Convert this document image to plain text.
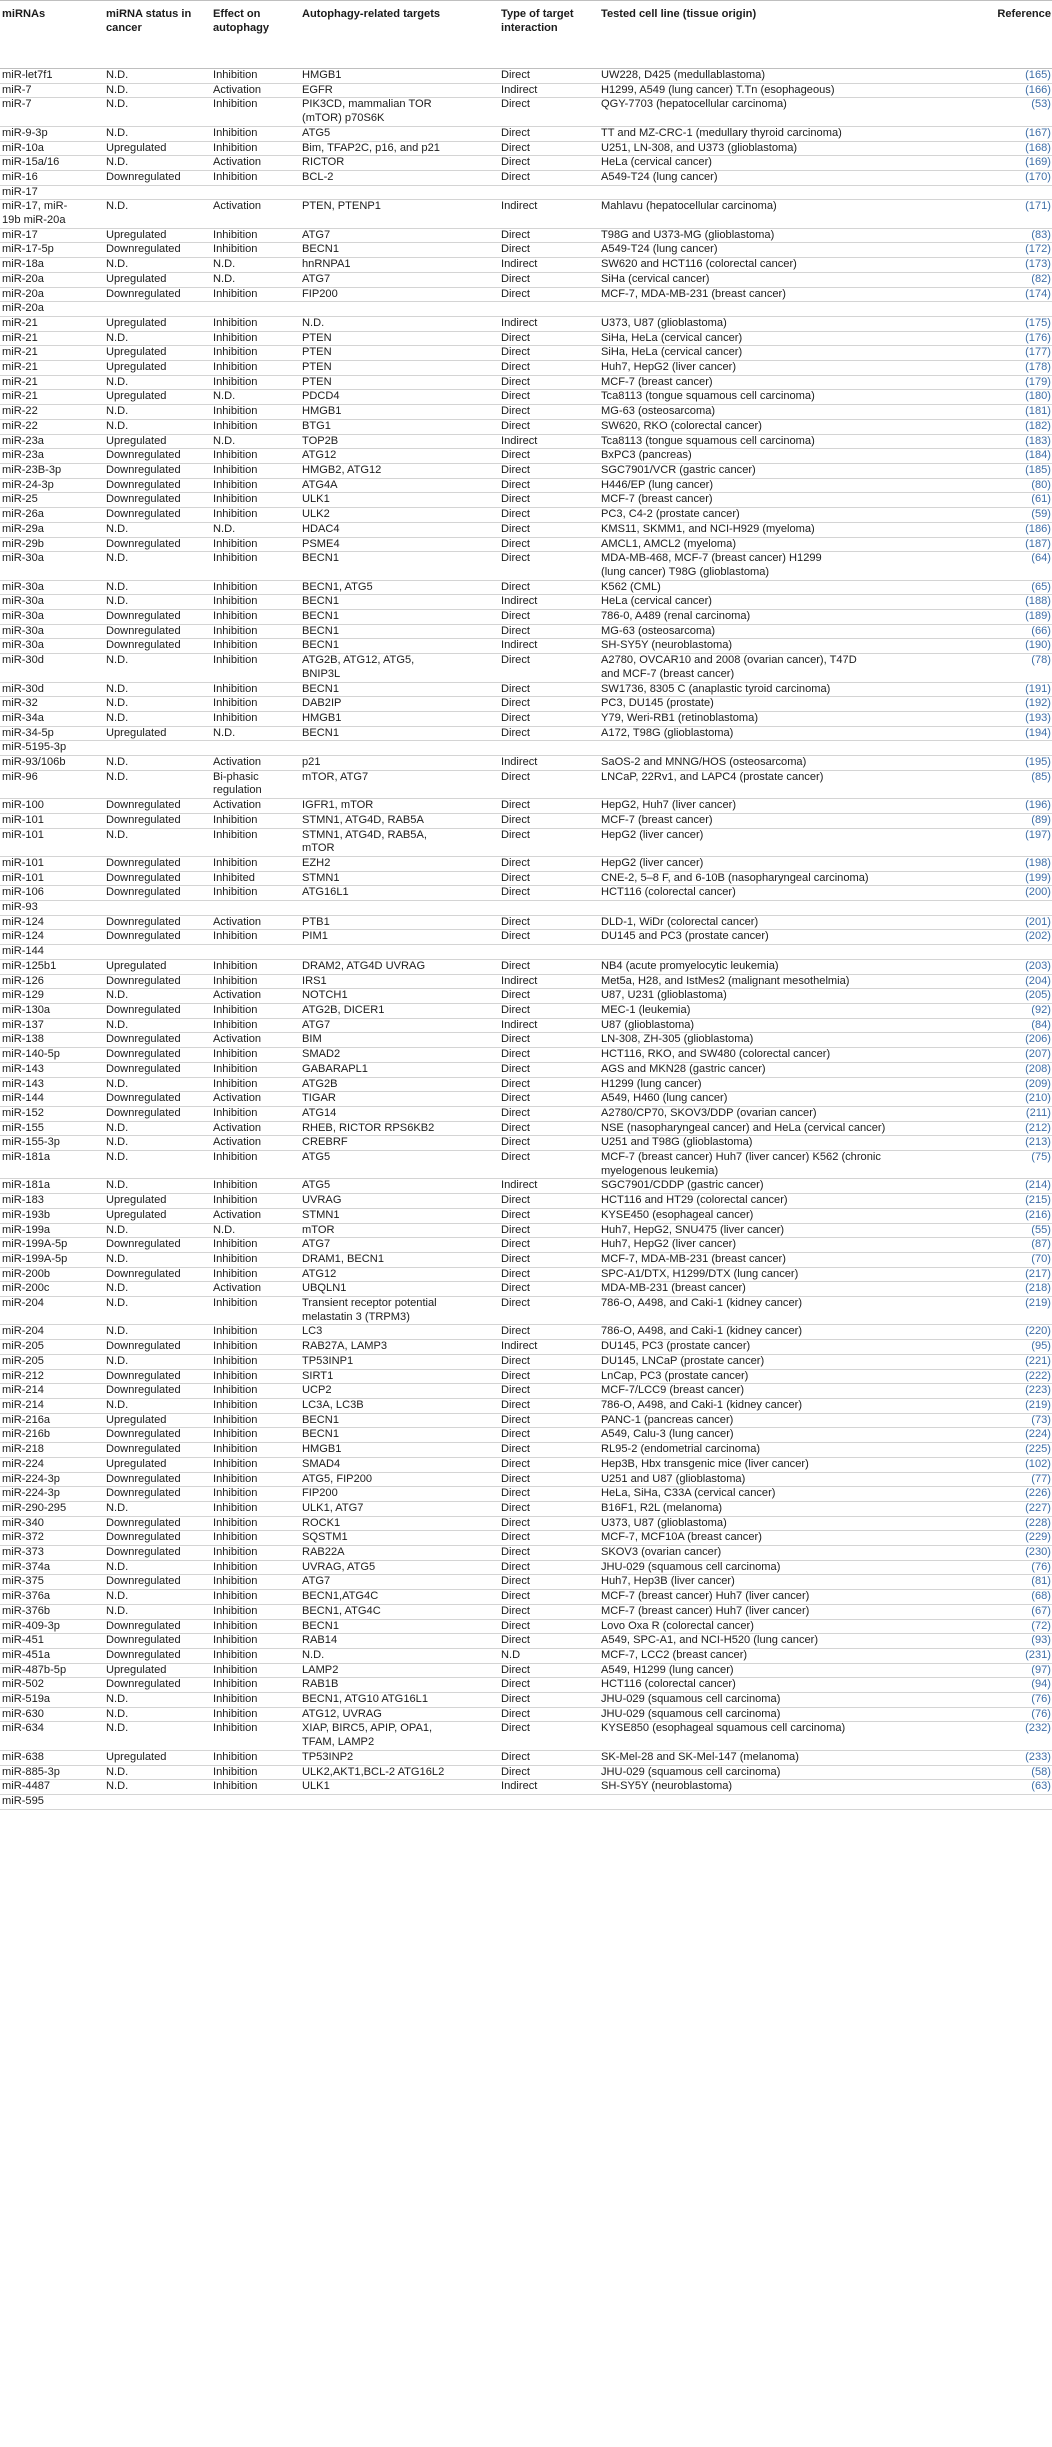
miRNAs	miRNA status in cancer	Effect on autophagy	Autophagy-related targets	Type of target interaction	Tested cell line (tissue origin)	Reference
miR-let7f1	N.D.	Inhibition	HMGB1	Direct	UW228, D425 (medullablastoma)	(165)
miR-7	N.D.	Activation	EGFR	Indirect	H1299, A549 (lung cancer) T.Tn (esophageous)	(166)
miR-7	N.D.	Inhibition	PIK3CD, mammalian TOR
(mTOR) p70S6K	Direct	QGY-7703 (hepatocellular carcinoma)	(53)
miR-9-3p	N.D.	Inhibition	ATG5	Direct	TT and MZ-CRC-1 (medullary thyroid carcinoma)	(167)
miR-10a	Upregulated	Inhibition	Bim, TFAP2C, p16, and p21	Direct	U251, LN-308, and U373 (glioblastoma)	(168)
miR-15a/16	N.D.	Activation	RICTOR	Direct	HeLa (cervical cancer)	(169)
miR-16	Downregulated	Inhibition	BCL-2	Direct	A549-T24 (lung cancer)	(170)
miR-17						
miR-17, miR-
19b miR-20a	N.D.	Activation	PTEN, PTENP1	Indirect	Mahlavu (hepatocellular carcinoma)	(171)
miR-17	Upregulated	Inhibition	ATG7	Direct	T98G and U373-MG (glioblastoma)	(83)
miR-17-5p	Downregulated	Inhibition	BECN1	Direct	A549-T24 (lung cancer)	(172)
miR-18a	N.D.	N.D.	hnRNPA1	Indirect	SW620 and HCT116 (colorectal cancer)	(173)
miR-20a	Upregulated	N.D.	ATG7	Direct	SiHa (cervical cancer)	(82)
miR-20a	Downregulated	Inhibition	FIP200	Direct	MCF-7, MDA-MB-231 (breast cancer)	(174)
miR-20a						
miR-21	Upregulated	Inhibition	N.D.	Indirect	U373, U87 (glioblastoma)	(175)
miR-21	N.D.	Inhibition	PTEN	Direct	SiHa, HeLa (cervical cancer)	(176)
miR-21	Upregulated	Inhibition	PTEN	Direct	SiHa, HeLa (cervical cancer)	(177)
miR-21	Upregulated	Inhibition	PTEN	Direct	Huh7, HepG2 (liver cancer)	(178)
miR-21	N.D.	Inhibition	PTEN	Direct	MCF-7 (breast cancer)	(179)
miR-21	Upregulated	N.D.	PDCD4	Direct	Tca8113 (tongue squamous cell carcinoma)	(180)
miR-22	N.D.	Inhibition	HMGB1	Direct	MG-63 (osteosarcoma)	(181)
miR-22	N.D.	Inhibition	BTG1	Direct	SW620, RKO (colorectal cancer)	(182)
miR-23a	Upregulated	N.D.	TOP2B	Indirect	Tca8113 (tongue squamous cell carcinoma)	(183)
miR-23a	Downregulated	Inhibition	ATG12	Direct	BxPC3 (pancreas)	(184)
miR-23B-3p	Downregulated	Inhibition	HMGB2, ATG12	Direct	SGC7901/VCR (gastric cancer)	(185)
miR-24-3p	Downregulated	Inhibition	ATG4A	Direct	H446/EP (lung cancer)	(80)
miR-25	Downregulated	Inhibition	ULK1	Direct	MCF-7 (breast cancer)	(61)
miR-26a	Downregulated	Inhibition	ULK2	Direct	PC3, C4-2 (prostate cancer)	(59)
miR-29a	N.D.	N.D.	HDAC4	Direct	KMS11, SKMM1, and NCI-H929 (myeloma)	(186)
miR-29b	Downregulated	Inhibition	PSME4	Direct	AMCL1, AMCL2 (myeloma)	(187)
miR-30a	N.D.	Inhibition	BECN1	Direct	MDA-MB-468, MCF-7 (breast cancer) H1299
(lung cancer) T98G (glioblastoma)	(64)
miR-30a	N.D.	Inhibition	BECN1, ATG5	Direct	K562 (CML)	(65)
miR-30a	N.D.	Inhibition	BECN1	Indirect	HeLa (cervical cancer)	(188)
miR-30a	Downregulated	Inhibition	BECN1	Direct	786-0, A489 (renal carcinoma)	(189)
miR-30a	Downregulated	Inhibition	BECN1	Direct	MG-63 (osteosarcoma)	(66)
miR-30a	Downregulated	Inhibition	BECN1	Indirect	SH-SY5Y (neuroblastoma)	(190)
miR-30d	N.D.	Inhibition	ATG2B, ATG12, ATG5,
BNIP3L	Direct	A2780, OVCAR10 and 2008 (ovarian cancer), T47D
and MCF-7 (breast cancer)	(78)
miR-30d	N.D.	Inhibition	BECN1	Direct	SW1736, 8305 C (anaplastic tyroid carcinoma)	(191)
miR-32	N.D.	Inhibition	DAB2IP	Direct	PC3, DU145 (prostate)	(192)
miR-34a	N.D.	Inhibition	HMGB1	Direct	Y79, Weri-RB1 (retinoblastoma)	(193)
miR-34-5p	Upregulated	N.D.	BECN1	Direct	A172, T98G (glioblastoma)	(194)
miR-5195-3p						
miR-93/106b	N.D.	Activation	p21	Indirect	SaOS-2 and MNNG/HOS (osteosarcoma)	(195)
miR-96	N.D.	Bi-phasic
regulation	mTOR, ATG7	Direct	LNCaP, 22Rv1, and LAPC4 (prostate cancer)	(85)
miR-100	Downregulated	Activation	IGFR1, mTOR	Direct	HepG2, Huh7 (liver cancer)	(196)
miR-101	Downregulated	Inhibition	STMN1, ATG4D, RAB5A	Direct	MCF-7 (breast cancer)	(89)
miR-101	N.D.	Inhibition	STMN1, ATG4D, RAB5A,
mTOR	Direct	HepG2 (liver cancer)	(197)
miR-101	Downregulated	Inhibition	EZH2	Direct	HepG2 (liver cancer)	(198)
miR-101	Downregulated	Inhibited	STMN1	Direct	CNE-2, 5–8 F, and 6-10B (nasopharyngeal carcinoma)	(199)
miR-106	Downregulated	Inhibition	ATG16L1	Direct	HCT116 (colorectal cancer)	(200)
miR-93						
miR-124	Downregulated	Activation	PTB1	Direct	DLD-1, WiDr (colorectal cancer)	(201)
miR-124	Downregulated	Inhibition	PIM1	Direct	DU145 and PC3 (prostate cancer)	(202)
miR-144						
miR-125b1	Upregulated	Inhibition	DRAM2, ATG4D UVRAG	Direct	NB4 (acute promyelocytic leukemia)	(203)
miR-126	Downregulated	Inhibition	IRS1	Indirect	Met5a, H28, and IstMes2 (malignant mesothelmia)	(204)
miR-129	N.D.	Activation	NOTCH1	Direct	U87, U231 (glioblastoma)	(205)
miR-130a	Downregulated	Inhibition	ATG2B, DICER1	Direct	MEC-1 (leukemia)	(92)
miR-137	N.D.	Inhibition	ATG7	Indirect	U87 (glioblastoma)	(84)
miR-138	Downregulated	Activation	BIM	Direct	LN-308, ZH-305 (glioblastoma)	(206)
miR-140-5p	Downregulated	Inhibition	SMAD2	Direct	HCT116, RKO, and SW480 (colorectal cancer)	(207)
miR-143	Downregulated	Inhibition	GABARAPL1	Direct	AGS and MKN28 (gastric cancer)	(208)
miR-143	N.D.	Inhibition	ATG2B	Direct	H1299 (lung cancer)	(209)
miR-144	Downregulated	Activation	TIGAR	Direct	A549, H460 (lung cancer)	(210)
miR-152	Downregulated	Inhibition	ATG14	Direct	A2780/CP70, SKOV3/DDP (ovarian cancer)	(211)
miR-155	N.D.	Activation	RHEB, RICTOR RPS6KB2	Direct	NSE (nasopharyngeal cancer) and HeLa (cervical cancer)	(212)
miR-155-3p	N.D.	Activation	CREBRF	Direct	U251 and T98G (glioblastoma)	(213)
miR-181a	N.D.	Inhibition	ATG5	Direct	MCF-7 (breast cancer) Huh7 (liver cancer) K562 (chronic
myelogenous leukemia)	(75)
miR-181a	N.D.	Inhibition	ATG5	Indirect	SGC7901/CDDP (gastric cancer)	(214)
miR-183	Upregulated	Inhibition	UVRAG	Direct	HCT116 and HT29 (colorectal cancer)	(215)
miR-193b	Upregulated	Activation	STMN1	Direct	KYSE450 (esophageal cancer)	(216)
miR-199a	N.D.	N.D.	mTOR	Direct	Huh7, HepG2, SNU475 (liver cancer)	(55)
miR-199A-5p	Downregulated	Inhibition	ATG7	Direct	Huh7, HepG2 (liver cancer)	(87)
miR-199A-5p	N.D.	Inhibition	DRAM1, BECN1	Direct	MCF-7, MDA-MB-231 (breast cancer)	(70)
miR-200b	Downregulated	Inhibition	ATG12	Direct	SPC-A1/DTX, H1299/DTX (lung cancer)	(217)
miR-200c	N.D.	Activation	UBQLN1	Direct	MDA-MB-231 (breast cancer)	(218)
miR-204	N.D.	Inhibition	Transient receptor potential
melastatin 3 (TRPM3)	Direct	786-O, A498, and Caki-1 (kidney cancer)	(219)
miR-204	N.D.	Inhibition	LC3	Direct	786-O, A498, and Caki-1 (kidney cancer)	(220)
miR-205	Downregulated	Inhibition	RAB27A, LAMP3	Indirect	DU145, PC3 (prostate cancer)	(95)
miR-205	N.D.	Inhibition	TP53INP1	Direct	DU145, LNCaP (prostate cancer)	(221)
miR-212	Downregulated	Inhibition	SIRT1	Direct	LnCap, PC3 (prostate cancer)	(222)
miR-214	Downregulated	Inhibition	UCP2	Direct	MCF-7/LCC9 (breast cancer)	(223)
miR-214	N.D.	Inhibition	LC3A, LC3B	Direct	786-O, A498, and Caki-1 (kidney cancer)	(219)
miR-216a	Upregulated	Inhibition	BECN1	Direct	PANC-1 (pancreas cancer)	(73)
miR-216b	Downregulated	Inhibition	BECN1	Direct	A549, Calu-3 (lung cancer)	(224)
miR-218	Downregulated	Inhibition	HMGB1	Direct	RL95-2 (endometrial carcinoma)	(225)
miR-224	Upregulated	Inhibition	SMAD4	Direct	Hep3B, Hbx transgenic mice (liver cancer)	(102)
miR-224-3p	Downregulated	Inhibition	ATG5, FIP200	Direct	U251 and U87 (glioblastoma)	(77)
miR-224-3p	Downregulated	Inhibition	FIP200	Direct	HeLa, SiHa, C33A (cervical cancer)	(226)
miR-290-295	N.D.	Inhibition	ULK1, ATG7	Direct	B16F1, R2L (melanoma)	(227)
miR-340	Downregulated	Inhibition	ROCK1	Direct	U373, U87 (glioblastoma)	(228)
miR-372	Downregulated	Inhibition	SQSTM1	Direct	MCF-7, MCF10A (breast cancer)	(229)
miR-373	Downregulated	Inhibition	RAB22A	Direct	SKOV3 (ovarian cancer)	(230)
miR-374a	N.D.	Inhibition	UVRAG, ATG5	Direct	JHU-029 (squamous cell carcinoma)	(76)
miR-375	Downregulated	Inhibition	ATG7	Direct	Huh7, Hep3B (liver cancer)	(81)
miR-376a	N.D.	Inhibition	BECN1,ATG4C	Direct	MCF-7 (breast cancer) Huh7 (liver cancer)	(68)
miR-376b	N.D.	Inhibition	BECN1, ATG4C	Direct	MCF-7 (breast cancer) Huh7 (liver cancer)	(67)
miR-409-3p	Downregulated	Inhibition	BECN1	Direct	Lovo Oxa R (colorectal cancer)	(72)
miR-451	Downregulated	Inhibition	RAB14	Direct	A549, SPC-A1, and NCI-H520 (lung cancer)	(93)
miR-451a	Downregulated	Inhibition	N.D.	N.D	MCF-7, LCC2 (breast cancer)	(231)
miR-487b-5p	Upregulated	Inhibition	LAMP2	Direct	A549, H1299 (lung cancer)	(97)
miR-502	Downregulated	Inhibition	RAB1B	Direct	HCT116 (colorectal cancer)	(94)
miR-519a	N.D.	Inhibition	BECN1, ATG10 ATG16L1	Direct	JHU-029 (squamous cell carcinoma)	(76)
miR-630	N.D.	Inhibition	ATG12, UVRAG	Direct	JHU-029 (squamous cell carcinoma)	(76)
miR-634	N.D.	Inhibition	XIAP, BIRC5, APIP, OPA1,
TFAM, LAMP2	Direct	KYSE850 (esophageal squamous cell carcinoma)	(232)
miR-638	Upregulated	Inhibition	TP53INP2	Direct	SK-Mel-28 and SK-Mel-147 (melanoma)	(233)
miR-885-3p	N.D.	Inhibition	ULK2,AKT1,BCL-2 ATG16L2	Direct	JHU-029 (squamous cell carcinoma)	(58)
miR-4487	N.D.	Inhibition	ULK1	Indirect	SH-SY5Y (neuroblastoma)	(63)
miR-595						
